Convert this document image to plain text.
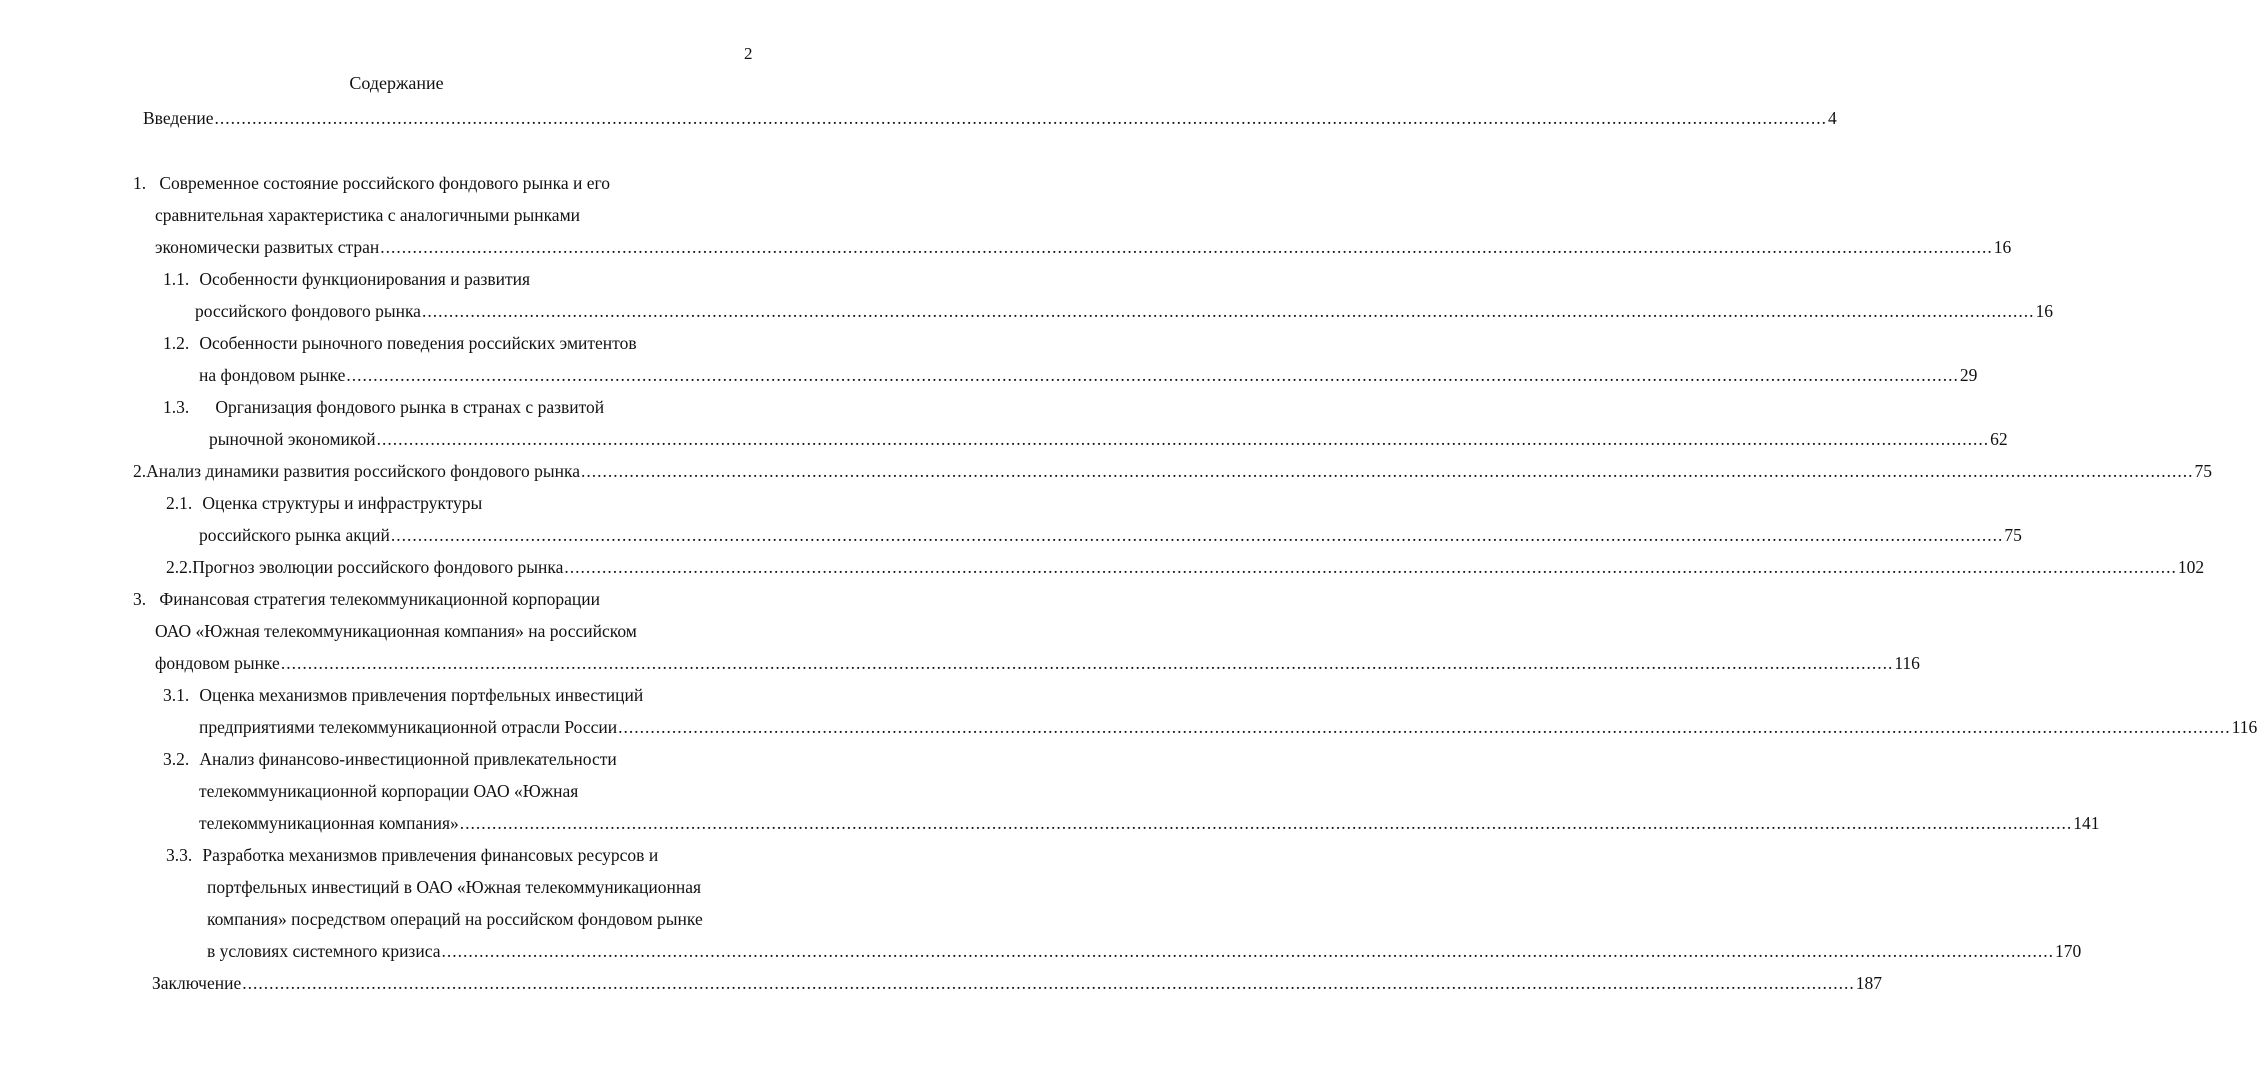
2
Содержание
Введение ............................................................................................................................................................................................................................................................................................................ 4
1. Современное состояние российского фондового рынка и его
сравнительная характеристика с аналогичными рынками
экономически развитых стран ............................................................................................................................................................................................................................................................................................................ 16
1.1. Особенности функционирования и развития
российского фондового рынка ............................................................................................................................................................................................................................................................................................................ 16
1.2. Особенности рыночного поведения российских эмитентов
на фондовом рынке ............................................................................................................................................................................................................................................................................................................ 29
1.3. Организация фондового рынка в странах с развитой
рыночной экономикой ............................................................................................................................................................................................................................................................................................................ 62
2. Анализ динамики развития российского фондового рынка ............................................................................................................................................................................................................................................................................................................ 75
2.1. Оценка структуры и инфраструктуры
российского рынка акций ............................................................................................................................................................................................................................................................................................................ 75
2.2. Прогноз эволюции российского фондового рынка ............................................................................................................................................................................................................................................................................................................ 102
3. Финансовая стратегия телекоммуникационной корпорации
ОАО «Южная телекоммуникационная компания» на российском
фондовом рынке ............................................................................................................................................................................................................................................................................................................ 116
3.1. Оценка механизмов привлечения портфельных инвестиций
предприятиями телекоммуникационной отрасли России ............................................................................................................................................................................................................................................................................................................ 116
3.2. Анализ финансово-инвестиционной привлекательности
телекоммуникационной корпорации ОАО «Южная
телекоммуникационная компания» ............................................................................................................................................................................................................................................................................................................ 141
3.3. Разработка механизмов привлечения финансовых ресурсов и
портфельных инвестиций в ОАО «Южная телекоммуникационная
компания» посредством операций на российском фондовом рынке
в условиях системного кризиса ............................................................................................................................................................................................................................................................................................................ 170
Заключение ............................................................................................................................................................................................................................................................................................................ 187
